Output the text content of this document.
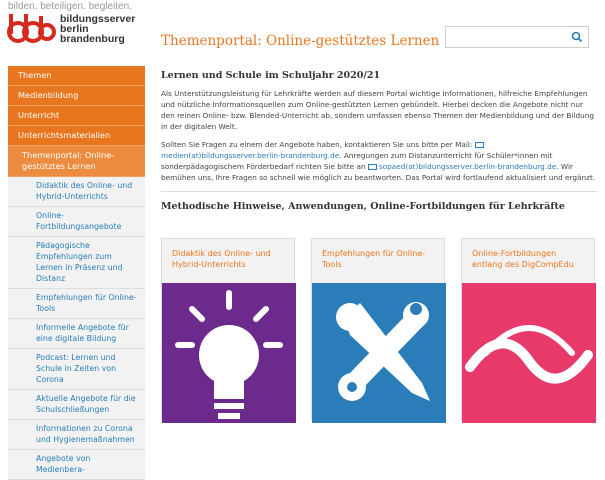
bilden. beteiligen. begleiten.
bildungsserver
berlin
brandenburg	Themenportal: Online-gestütztes Lernen
Themen
Medienbildung
Unterricht
Unterrichtsmaterialien
Themenportal: Online-gestütztes Lernen
Didaktik des Online- und Hybrid-Unterrichts
Online-Fortbildungsangebote
Pädagogische Empfehlungen zum Lernen in Präsenz und Distanz
Empfehlungen für Online-Tools
Informelle Angebote für eine digitale Bildung
Podcast: Lernen und Schule in Zeiten von Corona
Aktuelle Angebote für die Schulschließungen
Informationen zu Corona und Hygienemaßnahmen
Angebote von Medienbera-
Lernen und Schule im Schuljahr 2020/21

Als Unterstützungsleistung für Lehrkräfte werden auf diesem Portal wichtige Informationen, hilfreiche Empfehlungen und nützliche Informationsquellen zum Online-gestützten Lernen gebündelt. Hierbei decken die Angebote nicht nur den reinen Online- bzw. Blended-Unterricht ab, sondern umfassen ebenso Themen der Medienbildung und der Bildung in der digitalen Welt.

Sollten Sie Fragen zu einem der Angebote haben, kontaktieren Sie uns bitte per Mail: medien(at)bildungsserver.berlin-brandenburg.de. Anregungen zum Distanzunterricht für Schüler*innen mit sonderpädagogischem Förderbedarf richten Sie bitte an sopaed(at)bildungsserver.berlin-brandenburg.de. Wir bemühen uns, Ihre Fragen so schnell wie möglich zu beantworten. Das Portal wird fortlaufend aktualisiert und ergänzt.

Methodische Hinweise, Anwendungen, Online-Fortbildungen für Lehrkräfte
Didaktik des Online- und Hybrid-Unterrichts
Empfehlungen für Online-Tools
Online-Fortbildungen entlang des DigCompEdu
